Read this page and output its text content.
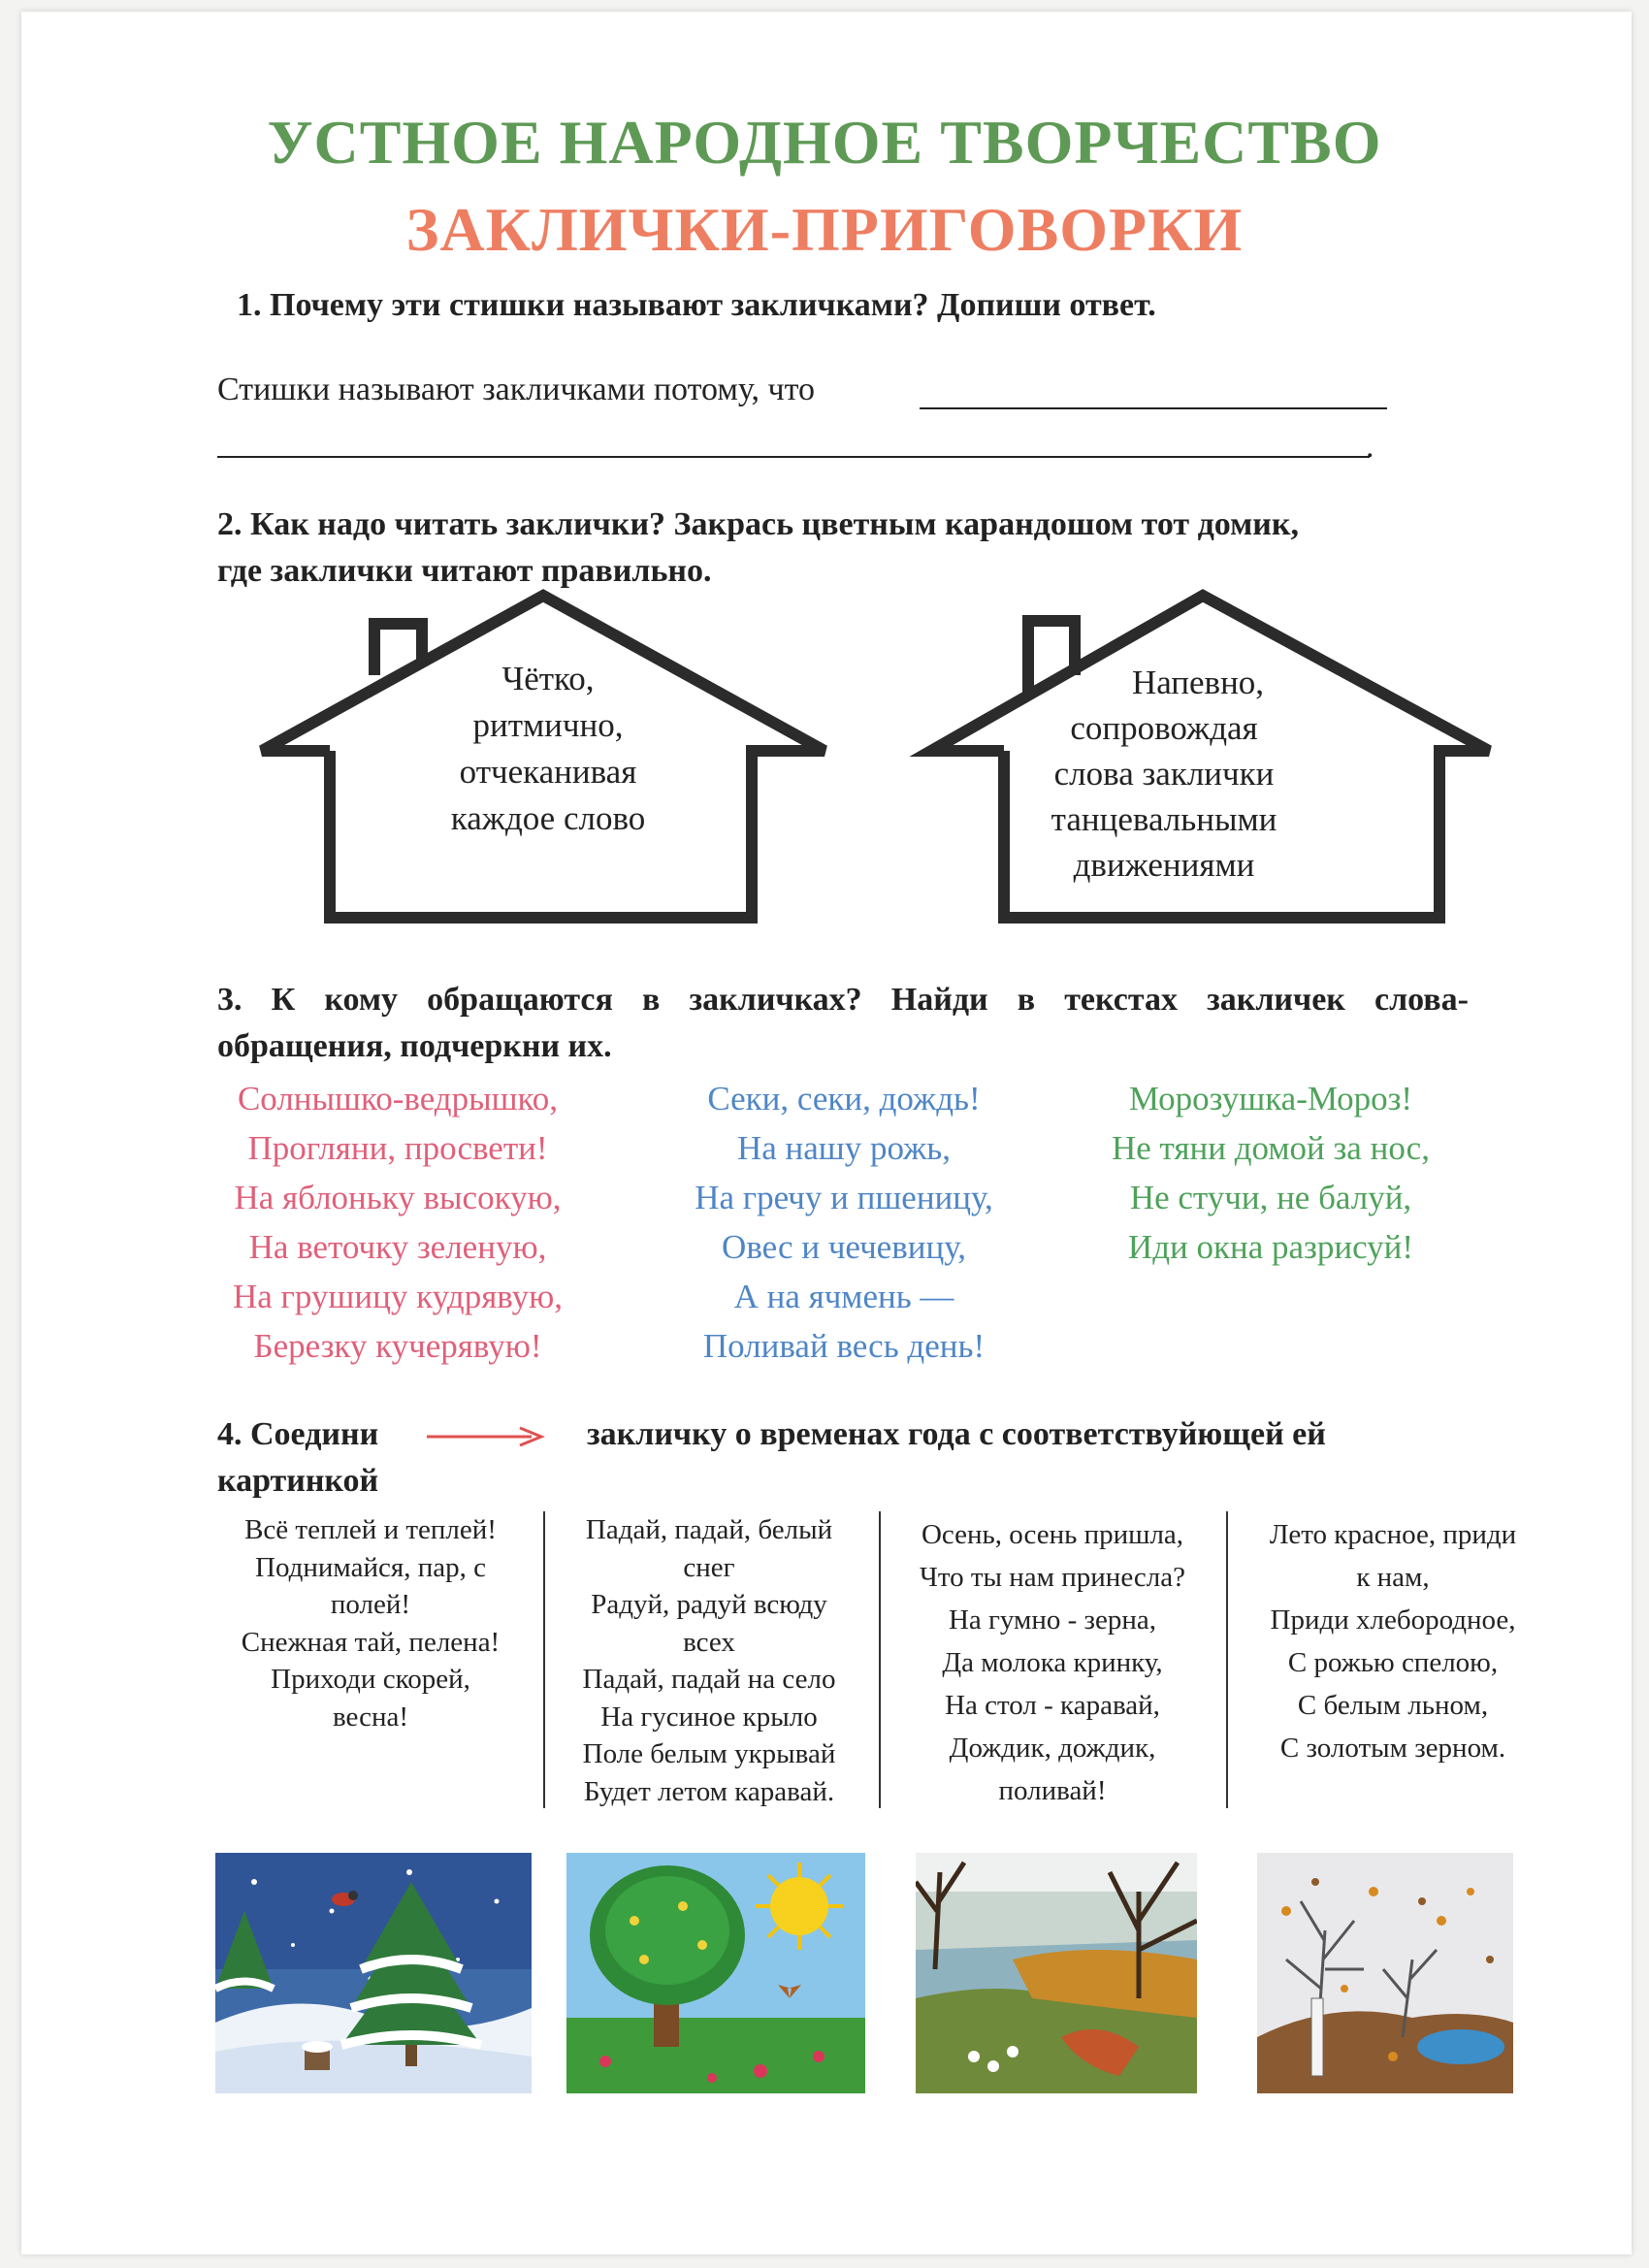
УСТНОЕ НАРОДНОЕ ТВОРЧЕСТВО
ЗАКЛИЧКИ-ПРИГОВОРКИ
1. Почему эти стишки называют закличками? Допиши ответ.
Стишки называют закличками потому, что
.
2. Как надо читать заклички? Закрась цветным карандошом тот домик,
где заклички читают правильно.
Чётко,
ритмично,
отчеканивая
каждое слово
Напевно,
сопровождая
слова заклички
танцевальными
движениями
3. К кому обращаются в закличках? Найди в текстах закличек слова-
обращения, подчеркни их.
Солнышко-ведрышко,
Прогляни, просвети!
На яблоньку высокую,
На веточку зеленую,
На грушицу кудрявую,
Березку кучерявую!
Секи, секи, дождь!
На нашу рожь,
На гречу и пшеницу,
Овес и чечевицу,
А на ячмень —
Поливай весь день!
Морозушка-Мороз!
Не тяни домой за нос,
Не стучи, не балуй,
Иди окна разрисуй!
4. Соедини	закличку о временах года с соответствуйющей ей
картинкой
Всё теплей и теплей!
Поднимайся, пар, с
полей!
Снежная тай, пелена!
Приходи скорей,
весна!
Падай, падай, белый
снег
Радуй, радуй всюду
всех
Падай, падай на село
На гусиное крыло
Поле белым укрывай
Будет летом каравай.
Осень, осень пришла,
Что ты нам принесла?
На гумно - зерна,
Да молока кринку,
На стол - каравай,
Дождик, дождик,
поливай!
Лето красное, приди
к нам,
Приди хлебородное,
С рожью спелою,
С белым льном,
С золотым зерном.
